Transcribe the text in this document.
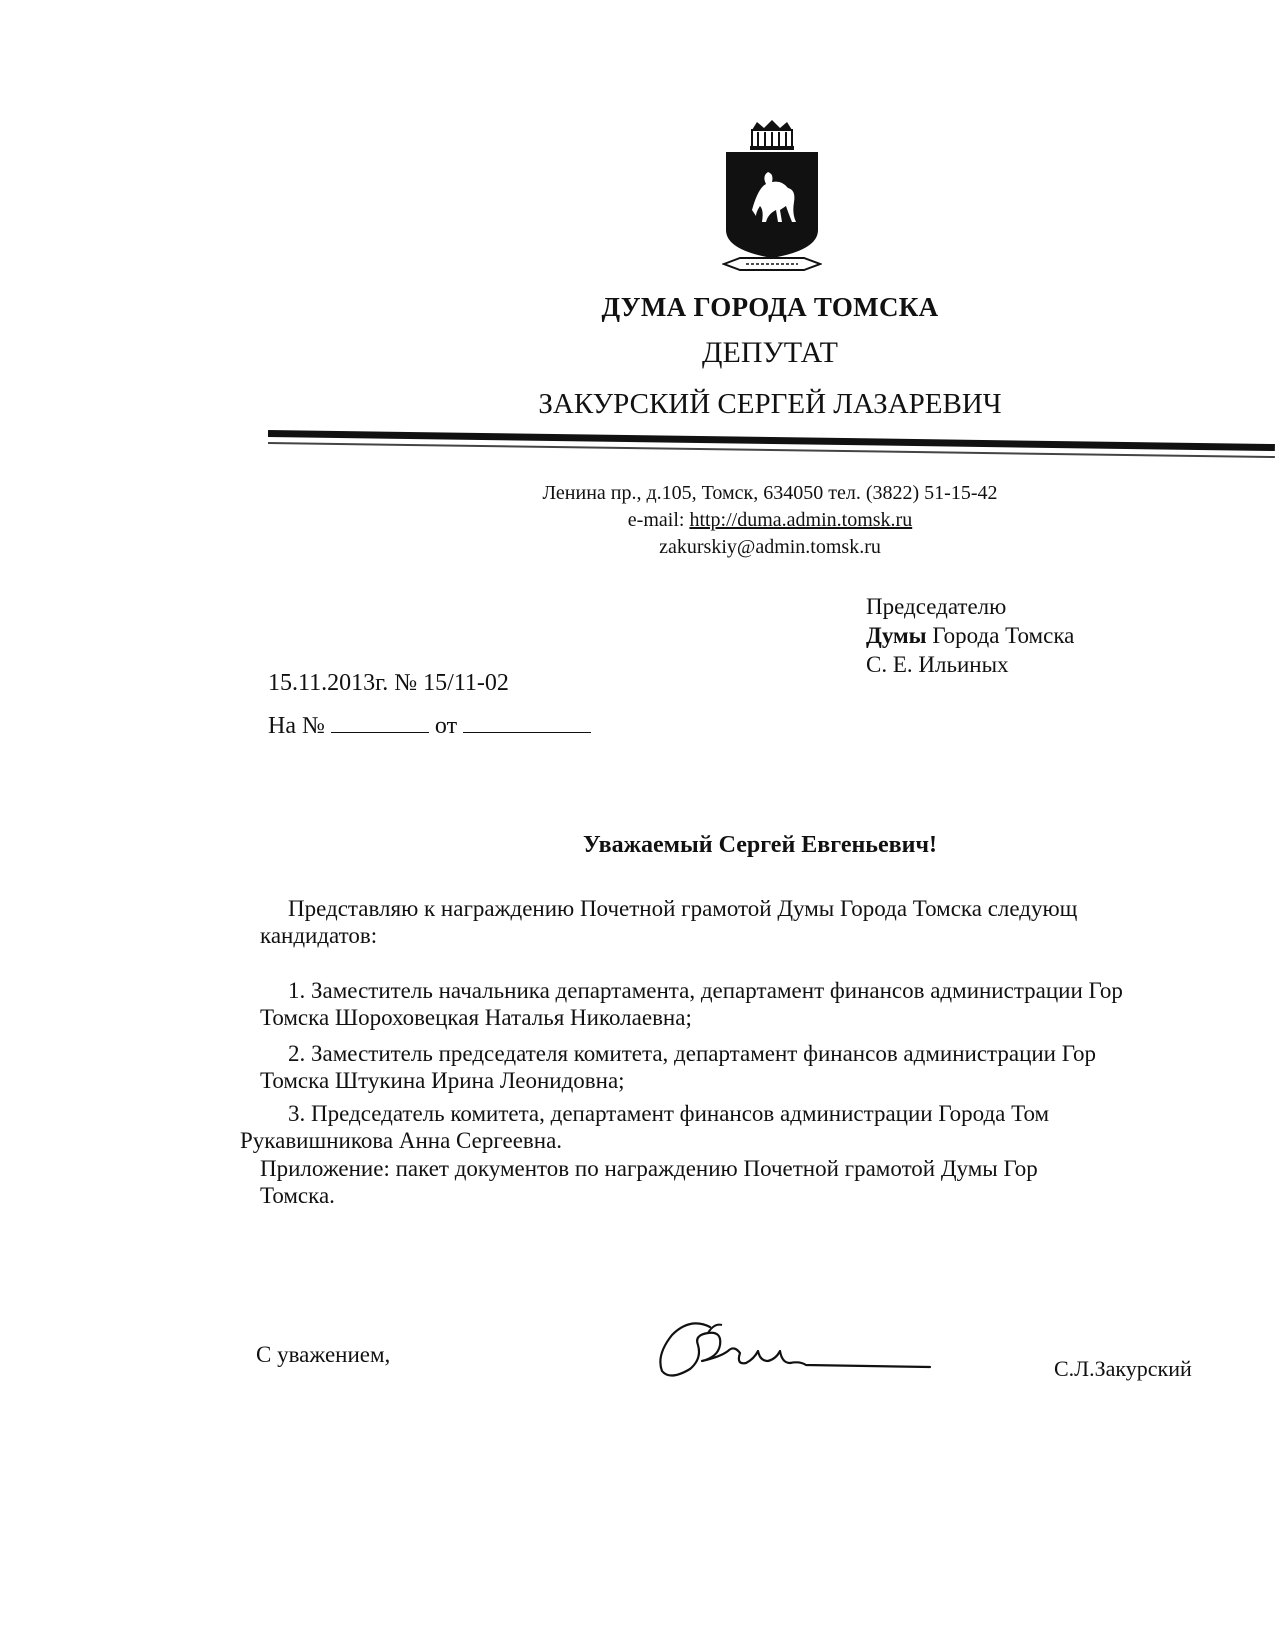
ДУМА ГОРОДА ТОМСКА
ДЕПУТАТ
ЗАКУРСКИЙ СЕРГЕЙ ЛАЗАРЕВИЧ
Ленина пр., д.105, Томск, 634050 тел. (3822) 51-15-42
e-mail: http://duma.admin.tomsk.ru
zakurskiy@admin.tomsk.ru
Председателю
Думы Города Томска
С. Е. Ильиных
15.11.2013г. № 15/11-02
На №	от
Уважаемый Сергей Евгеньевич!
Представляю к награждению Почетной грамотой Думы Города Томска следующ
кандидатов:
1. Заместитель начальника департамента, департамент финансов администрации Гор
Томска Шороховецкая Наталья Николаевна;
2. Заместитель председателя комитета, департамент финансов администрации Гор
Томска Штукина Ирина Леонидовна;
3. Председатель комитета, департамент финансов администрации Города Том
Рукавишникова Анна Сергеевна.
Приложение: пакет документов по награждению Почетной грамотой Думы Гор
Томска.
С уважением,
С.Л.Закурский
